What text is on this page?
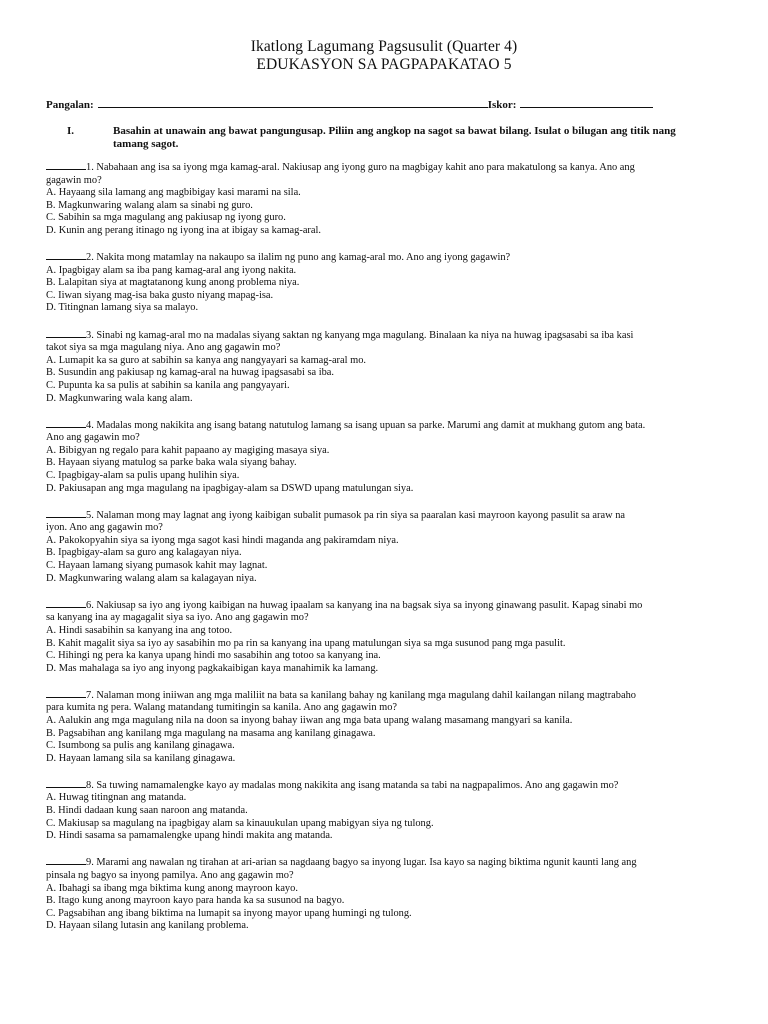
Ikatlong Lagumang Pagsusulit (Quarter 4)
EDUKASYON SA PAGPAPAKATAO 5
Pangalan:	Iskor:
I.	Basahin at unawain ang bawat pangungusap. Piliin ang angkop na sagot sa bawat bilang. Isulat o bilugan ang titik nang tamang sagot.
1. Nabahaan ang isa sa iyong mga kamag-aral. Nakiusap ang iyong guro na magbigay kahit ano para makatulong sa kanya. Ano ang gagawin mo?
A. Hayaang sila lamang ang magbibigay kasi marami na sila.
B. Magkunwaring walang alam sa sinabi ng guro.
C. Sabihin sa mga magulang ang pakiusap ng iyong guro.
D. Kunin ang perang itinago ng iyong ina at ibigay sa kamag-aral.
2. Nakita mong matamlay na nakaupo sa ilalim ng puno ang kamag-aral mo. Ano ang iyong gagawin?
A. Ipagbigay alam sa iba pang kamag-aral ang iyong nakita.
B. Lalapitan siya at magtatanong kung anong problema niya.
C. Iiwan siyang mag-isa baka gusto niyang mapag-isa.
D. Titingnan lamang siya sa malayo.
3. Sinabi ng kamag-aral mo na madalas siyang saktan ng kanyang mga magulang. Binalaan ka niya na huwag ipagsasabi sa iba kasi takot siya sa mga magulang niya. Ano ang gagawin mo?
A. Lumapit ka sa guro at sabihin sa kanya ang nangyayari sa kamag-aral mo.
B. Susundin ang pakiusap ng kamag-aral na huwag ipagsasabi sa iba.
C. Pupunta ka sa pulis at sabihin sa kanila ang pangyayari.
D. Magkunwaring wala kang alam.
4. Madalas mong nakikita ang isang batang natutulog lamang sa isang upuan sa parke. Marumi ang damit at mukhang gutom ang bata. Ano ang gagawin mo?
A. Bibigyan ng regalo para kahit papaano ay magiging masaya siya.
B. Hayaan siyang matulog sa parke baka wala siyang bahay.
C. Ipagbigay-alam sa pulis upang hulihin siya.
D. Pakiusapan ang mga magulang na ipagbigay-alam sa DSWD upang matulungan siya.
5. Nalaman mong may lagnat ang iyong kaibigan subalit pumasok pa rin siya sa paaralan kasi mayroon kayong pasulit sa araw na iyon. Ano ang gagawin mo?
A. Pakokopyahin siya sa iyong mga sagot kasi hindi maganda ang pakiramdam niya.
B. Ipagbigay-alam sa guro ang kalagayan niya.
C. Hayaan lamang siyang pumasok kahit may lagnat.
D. Magkunwaring walang alam sa kalagayan niya.
6. Nakiusap sa iyo ang iyong kaibigan na huwag ipaalam sa kanyang ina na bagsak siya sa inyong ginawang pasulit. Kapag sinabi mo sa kanyang ina ay magagalit siya sa iyo. Ano ang gagawin mo?
A. Hindi sasabihin sa kanyang ina ang totoo.
B. Kahit magalit siya sa iyo ay sasabihin mo pa rin sa kanyang ina upang matulungan siya sa mga susunod pang mga pasulit.
C. Hihingi ng pera ka kanya upang hindi mo sasabihin ang totoo sa kanyang ina.
D. Mas mahalaga sa iyo ang inyong pagkakaibigan kaya manahimik ka lamang.
7. Nalaman mong iniiwan ang mga maliliit na bata sa kanilang bahay ng kanilang mga magulang dahil kailangan nilang magtrabaho para kumita ng pera. Walang matandang tumitingin sa kanila. Ano ang gagawin mo?
A. Aalukin ang mga magulang nila na doon sa inyong bahay iiwan ang mga bata upang walang masamang mangyari sa kanila.
B. Pagsabihan ang kanilang mga magulang na masama ang kanilang ginagawa.
C. Isumbong sa pulis ang kanilang ginagawa.
D. Hayaan lamang sila sa kanilang ginagawa.
8. Sa tuwing namamalengke kayo ay madalas mong nakikita ang isang matanda sa tabi na nagpapalimos. Ano ang gagawin mo?
A. Huwag titingnan ang matanda.
B. Hindi dadaan kung saan naroon ang matanda.
C. Makiusap sa magulang na ipagbigay alam sa kinauukulan upang mabigyan siya ng tulong.
D. Hindi sasama sa pamamalengke upang hindi makita ang matanda.
9. Marami ang nawalan ng tirahan at ari-arian sa nagdaang bagyo sa inyong lugar. Isa kayo sa naging biktima ngunit kaunti lang ang pinsala ng bagyo sa inyong pamilya. Ano ang gagawin mo?
A. Ibahagi sa ibang mga biktima kung anong mayroon kayo.
B. Itago kung anong mayroon kayo para handa ka sa susunod na bagyo.
C. Pagsabihan ang ibang biktima na lumapit sa inyong mayor upang humingi ng tulong.
D. Hayaan silang lutasin ang kanilang problema.
